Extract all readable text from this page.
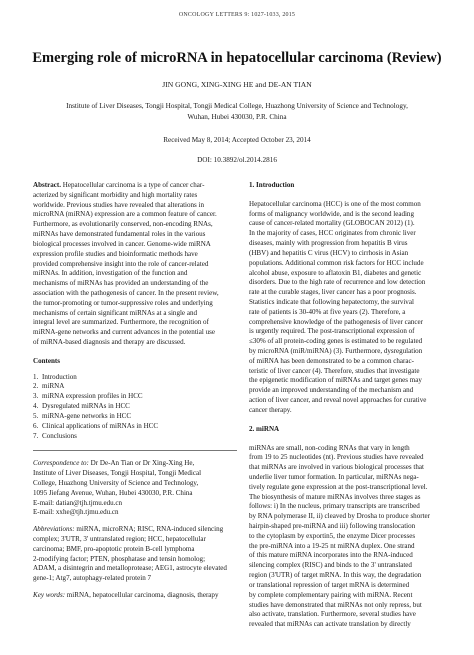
ONCOLOGY LETTERS 9: 1027-1033, 2015
Emerging role of microRNA in hepatocellular carcinoma (Review)
JIN GONG, XING-XING HE and DE-AN TIAN
Institute of Liver Diseases, Tongji Hospital, Tongji Medical College, Huazhong University of Science and Technology,
Wuhan, Hubei 430030, P.R. China
Received May 8, 2014; Accepted October 23, 2014
DOI: 10.3892/ol.2014.2816

Abstract. Hepatocellular carcinoma is a type of cancer char-

acterized by significant morbidity and high mortality rates

worldwide. Previous studies have revealed that alterations in

microRNA (miRNA) expression are a common feature of cancer.

Furthermore, as evolutionarily conserved, non-encoding RNAs,

miRNAs have demonstrated fundamental roles in the various

biological processes involved in cancer. Genome-wide miRNA

expression profile studies and bioinformatic methods have

provided comprehensive insight into the role of cancer-related

miRNAs. In addition, investigation of the function and

mechanisms of miRNAs has provided an understanding of the

association with the pathogenesis of cancer. In the present review,

the tumor-promoting or tumor-suppressive roles and underlying

mechanisms of certain significant miRNAs at a single and

integral level are summarized. Furthermore, the recognition of

miRNA-gene networks and current advances in the potential use

of miRNA-based diagnosis and therapy are discussed.

Contents
1. Introduction
2. miRNA
3. miRNA expression profiles in HCC
4. Dysregulated miRNAs in HCC
5. miRNA-gene networks in HCC
6. Clinical applications of miRNAs in HCC
7. Conclusions

Correspondence to: Dr De-An Tian or Dr Xing-Xing He,

Institute of Liver Diseases, Tongji Hospital, Tongji Medical

College, Huazhong University of Science and Technology,

1095 Jiefang Avenue, Wuhan, Hubei 430030, P.R. China

E-mail: datian@tjh.tjmu.edu.cn

E-mail: xxhe@tjh.tjmu.edu.cn

Abbreviations: miRNA, microRNA; RISC, RNA-induced silencing

complex; 3'UTR, 3' untranslated region; HCC, hepatocellular

carcinoma; BMF, pro-apoptotic protein B-cell lymphoma

2-modifying factor; PTEN, phosphatase and tensin homolog;

ADAM, a disintegrin and metalloprotease; AEG1, astrocyte elevated

gene-1; Atg7, autophagy-related protein 7

Key words: miRNA, hepatocellular carcinoma, diagnosis, therapy

1. Introduction

Hepatocellular carcinoma (HCC) is one of the most common

forms of malignancy worldwide, and is the second leading

cause of cancer-related mortality (GLOBOCAN 2012) (1).

In the majority of cases, HCC originates from chronic liver

diseases, mainly with progression from hepatitis B virus

(HBV) and hepatitis C virus (HCV) to cirrhosis in Asian

populations. Additional common risk factors for HCC include

alcohol abuse, exposure to aflatoxin B1, diabetes and genetic

disorders. Due to the high rate of recurrence and low detection

rate at the curable stages, liver cancer has a poor prognosis.

Statistics indicate that following hepatectomy, the survival

rate of patients is 30-40% at five years (2). Therefore, a

comprehensive knowledge of the pathogenesis of liver cancer

is urgently required. The post-transcriptional expression of

≤30% of all protein-coding genes is estimated to be regulated

by microRNA (miR/miRNA) (3). Furthermore, dysregulation

of miRNA has been demonstrated to be a common charac-

teristic of liver cancer (4). Therefore, studies that investigate

the epigenetic modification of miRNAs and target genes may

provide an improved understanding of the mechanism and

action of liver cancer, and reveal novel approaches for curative

cancer therapy.

2. miRNA

miRNAs are small, non-coding RNAs that vary in length

from 19 to 25 nucleotides (nt). Previous studies have revealed

that miRNAs are involved in various biological processes that

underlie liver tumor formation. In particular, miRNAs nega-

tively regulate gene expression at the post-transcriptional level.

The biosynthesis of mature miRNAs involves three stages as

follows: i) In the nucleus, primary transcripts are transcribed

by RNA polymerase II, ii) cleaved by Drosha to produce shorter

hairpin-shaped pre-miRNA and iii) following translocation

to the cytoplasm by exportin5, the enzyme Dicer processes

the pre-miRNA into a 19-25 nt miRNA duplex. One strand

of this mature miRNA incorporates into the RNA-induced

silencing complex (RISC) and binds to the 3' untranslated

region (3'UTR) of target mRNA. In this way, the degradation

or translational repression of target mRNA is determined

by complete complementary pairing with miRNA. Recent

studies have demonstrated that miRNAs not only repress, but

also activate, translation. Furthermore, several studies have

revealed that miRNAs can activate translation by directly
